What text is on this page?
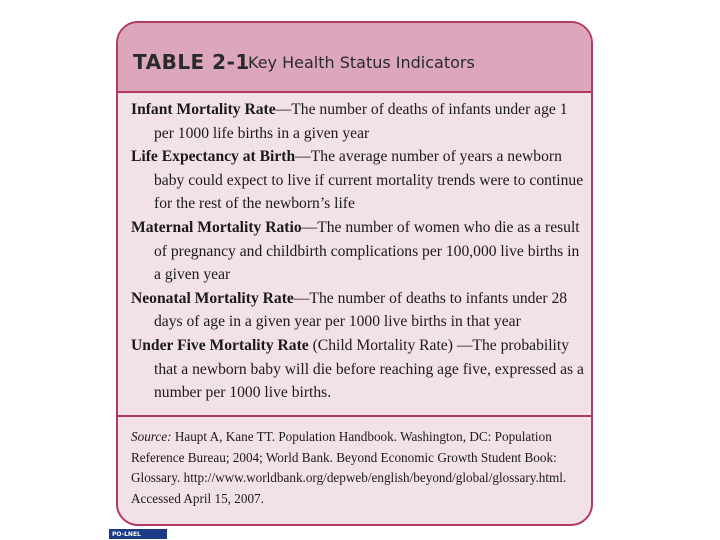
TABLE 2-1
Key Health Status Indicators

Infant Mortality Rate—The number of deaths of infants under age 1 per 1000 life births in a given year

Life Expectancy at Birth—The average number of years a newborn baby could expect to live if current mortality trends were to continue for the rest of the newborn’s life

Maternal Mortality Ratio—The number of women who die as a result of pregnancy and childbirth complications per 100,000 live births in a given year

Neonatal Mortality Rate—The number of deaths to infants under 28 days of age in a given year per 1000 live births in that year

Under Five Mortality Rate (Child Mortality Rate) —The probability that a newborn baby will die before reaching age five, expressed as a number per 1000 live births.

Source: Haupt A, Kane TT. Population Handbook. Washington, DC: Population Reference Bureau; 2004; World Bank. Beyond Economic Growth Student Book: Glossary. http://www.worldbank.org/depweb/english/beyond/global/glossary.html. Accessed April 15, 2007.
PO-LNEL
